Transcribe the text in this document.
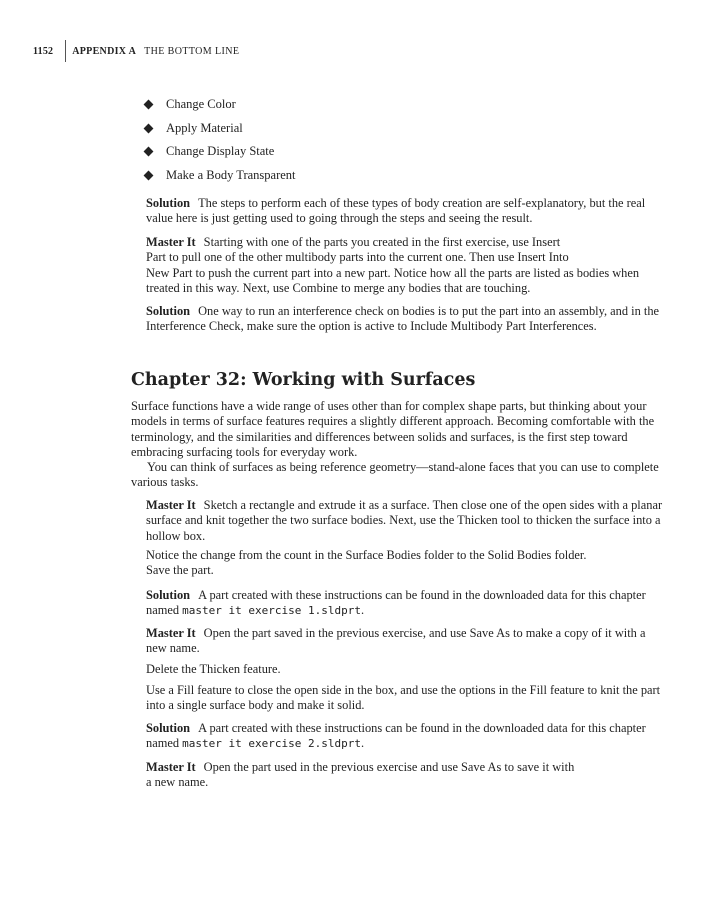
1152 APPENDIX A THE BOTTOM LINE
Change Color
Apply Material
Change Display State
Make a Body Transparent
Solution The steps to perform each of these types of body creation are self-explanatory, but the real value here is just getting used to going through the steps and seeing the result.
Master It Starting with one of the parts you created in the first exercise, use Insert
Part to pull one of the other multibody parts into the current one. Then use Insert Into
New Part to push the current part into a new part. Notice how all the parts are listed as bodies when treated in this way. Next, use Combine to merge any bodies that are touching.
Solution One way to run an interference check on bodies is to put the part into an assembly, and in the Interference Check, make sure the option is active to Include Multibody Part Interferences.
Chapter 32: Working with Surfaces
Surface functions have a wide range of uses other than for complex shape parts, but thinking about your models in terms of surface features requires a slightly different approach. Becoming comfortable with the terminology, and the similarities and differences between solids and surfaces, is the first step toward embracing surfacing tools for everyday work.
You can think of surfaces as being reference geometry—stand-alone faces that you can use to complete various tasks.
Master It Sketch a rectangle and extrude it as a surface. Then close one of the open sides with a planar surface and knit together the two surface bodies. Next, use the Thicken tool to thicken the surface into a hollow box.
Notice the change from the count in the Surface Bodies folder to the Solid Bodies folder.
Save the part.
Solution A part created with these instructions can be found in the downloaded data for this chapter named master it exercise 1.sldprt.
Master It Open the part saved in the previous exercise, and use Save As to make a copy of it with a new name.
Delete the Thicken feature.
Use a Fill feature to close the open side in the box, and use the options in the Fill feature to knit the part into a single surface body and make it solid.
Solution A part created with these instructions can be found in the downloaded data for this chapter named master it exercise 2.sldprt.
Master It Open the part used in the previous exercise and use Save As to save it with
a new name.
